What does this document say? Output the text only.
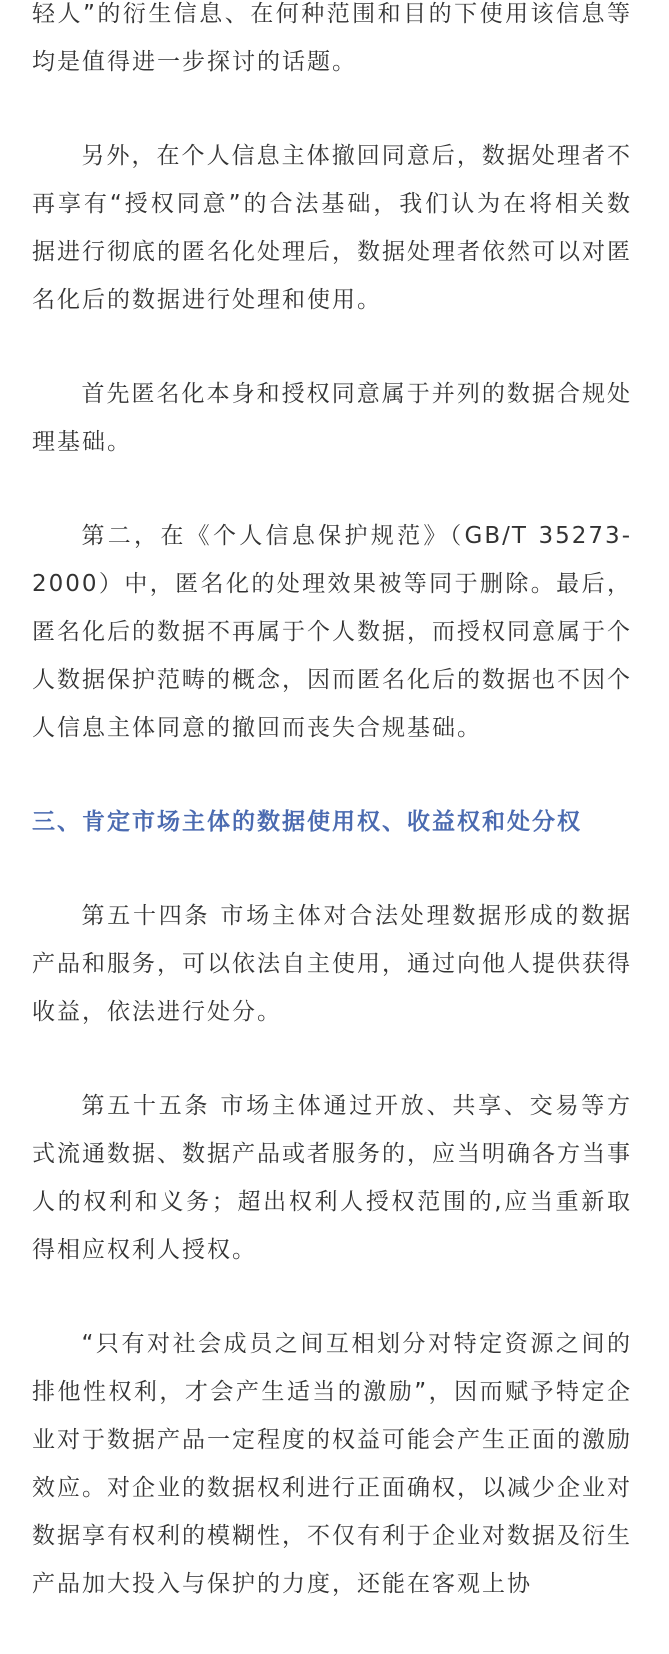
轻人”的衍生信息、在何种范围和目的下使用该信息等均是值得进一步探讨的话题。

另外，在个人信息主体撤回同意后，数据处理者不再享有“授权同意”的合法基础，我们认为在将相关数据进行彻底的匿名化处理后，数据处理者依然可以对匿名化后的数据进行处理和使用。

首先匿名化本身和授权同意属于并列的数据合规处理基础。

第二，在《个人信息保护规范》（GB/T 35273-2000）中，匿名化的处理效果被等同于删除。最后，匿名化后的数据不再属于个人数据，而授权同意属于个人数据保护范畴的概念，因而匿名化后的数据也不因个人信息主体同意的撤回而丧失合规基础。

三、肯定市场主体的数据使用权、收益权和处分权

第五十四条 市场主体对合法处理数据形成的数据产品和服务，可以依法自主使用，通过向他人提供获得收益，依法进行处分。

第五十五条 市场主体通过开放、共享、交易等方式流通数据、数据产品或者服务的，应当明确各方当事人的权利和义务；超出权利人授权范围的,应当重新取得相应权利人授权。

“只有对社会成员之间互相划分对特定资源之间的排他性权利，才会产生适当的激励”，因而赋予特定企业对于数据产品一定程度的权益可能会产生正面的激励效应。对企业的数据权利进行正面确权，以减少企业对数据享有权利的模糊性，不仅有利于企业对数据及衍生产品加大投入与保护的力度，还能在客观上协
